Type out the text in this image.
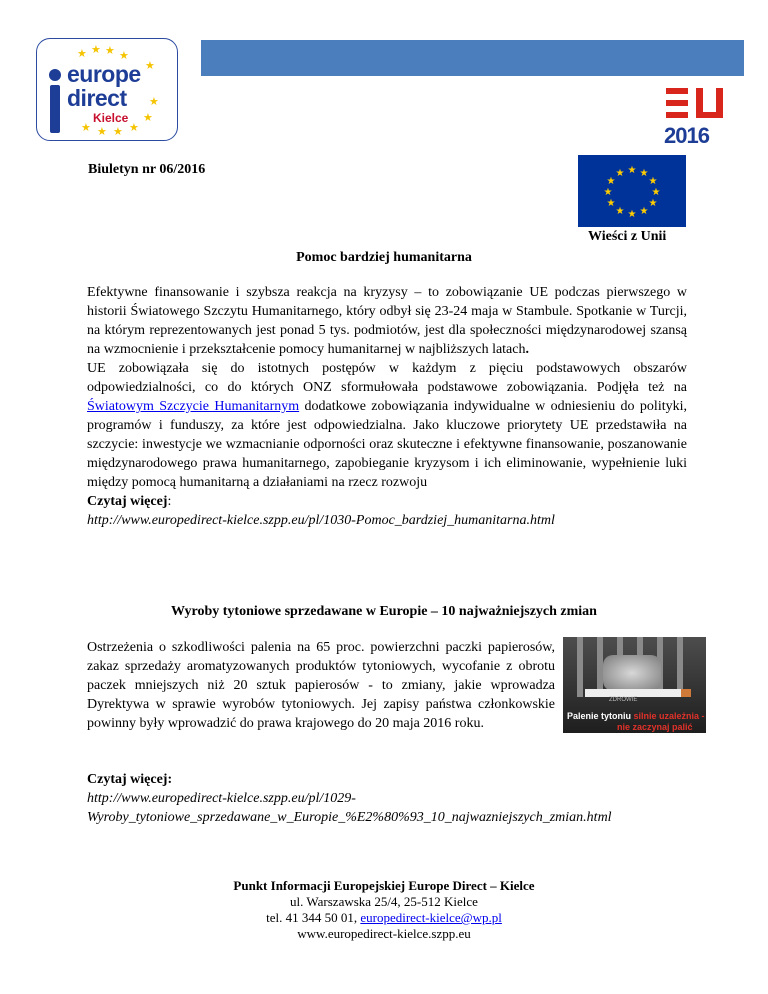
★ ★ ★ ★
★
★
★
★
★
★
★
europe
direct
Kielce
2016
Biuletyn nr 06/2016	★ ★
★
★
★
★
★
★
★
★
★
★
Wieści z Unii
Pomoc bardziej humanitarna

Efektywne finansowanie i szybsza reakcja na kryzysy – to zobowiązanie UE podczas pierwszego w historii Światowego Szczytu Humanitarnego, który odbył się 23-24 maja w Stambule. Spotkanie w Turcji, na którym reprezentowanych jest ponad 5 tys. podmiotów, jest dla społeczności międzynarodowej szansą na wzmocnienie i przekształcenie pomocy humanitarnej w najbliższych latach.

UE zobowiązała się do istotnych postępów w każdym z pięciu podstawowych obszarów odpowiedzialności, co do których ONZ sformułowała podstawowe zobowiązania. Podjęła też na Światowym Szczycie Humanitarnym dodatkowe zobowiązania indywidualne w odniesieniu do polityki, programów i funduszy, za które jest odpowiedzialna. Jako kluczowe priorytety UE przedstawiła na szczycie: inwestycje we wzmacnianie odporności oraz skuteczne i efektywne finansowanie, poszanowanie międzynarodowego prawa humanitarnego, zapobieganie kryzysom i ich eliminowanie, wypełnienie luki między pomocą humanitarną a działaniami na rzecz rozwoju

Czytaj więcej:

http://www.europedirect-kielce.szpp.eu/pl/1030-Pomoc_bardziej_humanitarna.html

Wyroby tytoniowe sprzedawane w Europie – 10 najważniejszych zmian
Ostrzeżenia o szkodliwości palenia na 65 proc. powierzchni paczki papierosów, zakaz sprzedaży aromatyzowanych produktów tytoniowych, wycofanie z obrotu paczek mniejszych niż 20 sztuk papierosów - to zmiany, jakie wprowadza Dyrektywa w sprawie wyrobów tytoniowych. Jej zapisy państwa członkowskie powinny były wprowadzić do prawa krajowego do 20 maja 2016 roku.
ZDROWIE
Palenie tytoniu silnie uzależnia -
nie zaczynaj palić

Czytaj więcej:

http://www.europedirect-kielce.szpp.eu/pl/1029-

Wyroby_tytoniowe_sprzedawane_w_Europie_%E2%80%93_10_najwazniejszych_zmian.html

Punkt Informacji Europejskiej Europe Direct – Kielce
ul. Warszawska 25/4, 25-512 Kielce
tel. 41 344 50 01, europedirect-kielce@wp.pl
www.europedirect-kielce.szpp.eu
